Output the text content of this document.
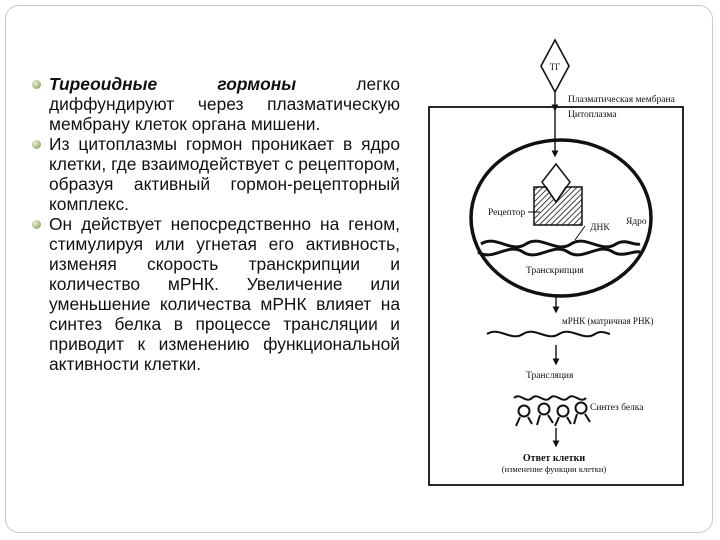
Тиреоидные гормоны легко диффундируют через плазматическую мембрану клеток органа мишени.
Из цитоплазмы гормон проникает в ядро клетки, где взаимодействует с рецептором, образуя активный гормон-рецепторный комплекс.
Он действует непосредственно на геном, стимулируя или угнетая его активность, изменяя скорость транскрипции и количество мРНК. Увеличение или уменьшение количества мРНК влияет на синтез белка в процессе трансляции и приводит к изменению функциональной активности клетки.
ТГ
Плазматическая мембрана
Цитоплазма
Ядро
Рецептор
ДНК
Транскрипция
мРНК (матричная РНК)
Трансляция
Синтез белка
Ответ клетки
(изменение функции клетки)
